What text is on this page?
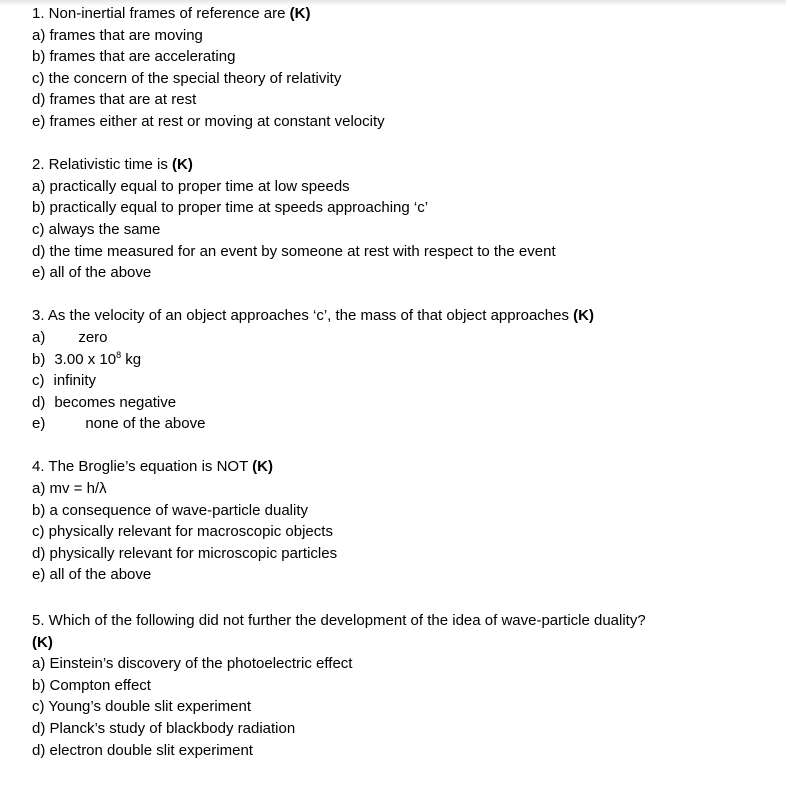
1. Non-inertial frames of reference are (K)
a) frames that are moving
b) frames that are accelerating
c) the concern of the special theory of relativity
d) frames that are at rest
e) frames either at rest or moving at constant velocity
2. Relativistic time is (K)
a) practically equal to proper time at low speeds
b) practically equal to proper time at speeds approaching ‘c’
c) always the same
d) the time measured for an event by someone at rest with respect to the event
e) all of the above
3. As the velocity of an object approaches ‘c’, the mass of that object approaches (K)
a) zero
b) 3.00 x $10^8$ kg
c) infinity
d) becomes negative
e)	none of the above
4. The Broglie’s equation is NOT (K)
a) mv = h/λ
b) a consequence of wave-particle duality
c) physically relevant for macroscopic objects
d) physically relevant for microscopic particles
e) all of the above
5. Which of the following did not further the development of the idea of wave-particle duality?
(K)
a) Einstein’s discovery of the photoelectric effect
b) Compton effect
c) Young’s double slit experiment
d) Planck’s study of blackbody radiation
d) electron double slit experiment
